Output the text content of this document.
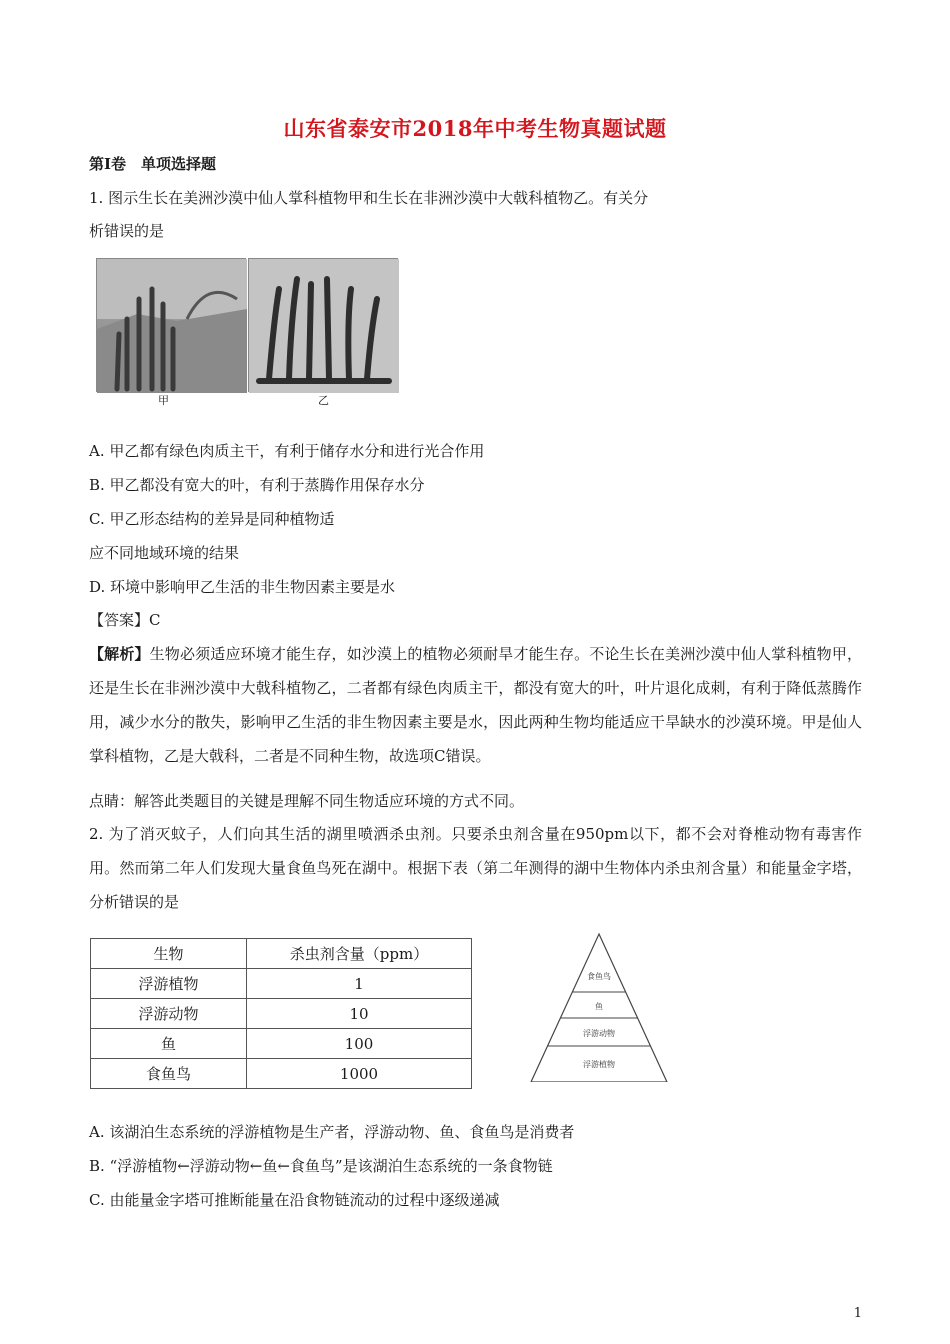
山东省泰安市2018年中考生物真题试题
第Ⅰ卷　单项选择题
1. 图示生长在美洲沙漠中仙人掌科植物甲和生长在非洲沙漠中大戟科植物乙。有关分
析错误的是
甲	乙
A. 甲乙都有绿色肉质主干，有利于储存水分和进行光合作用
B. 甲乙都没有宽大的叶，有利于蒸腾作用保存水分
C. 甲乙形态结构的差异是同种植物适
应不同地域环境的结果
D. 环境中影响甲乙生活的非生物因素主要是水
【答案】C
【解析】生物必须适应环境才能生存，如沙漠上的植物必须耐旱才能生存。不论生长在美洲沙漠中仙人掌科植物甲，还是生长在非洲沙漠中大戟科植物乙，二者都有绿色肉质主干，都没有宽大的叶，叶片退化成刺，有利于降低蒸腾作用，减少水分的散失，影响甲乙生活的非生物因素主要是水，因此两种生物均能适应干旱缺水的沙漠环境。甲是仙人掌科植物，乙是大戟科，二者是不同种生物，故选项C错误。
点睛：解答此类题目的关键是理解不同生物适应环境的方式不同。
2. 为了消灭蚊子，人们向其生活的湖里喷洒杀虫剂。只要杀虫剂含量在950pm以下，都不会对脊椎动物有毒害作用。然而第二年人们发现大量食鱼鸟死在湖中。根据下表（第二年测得的湖中生物体内杀虫剂含量）和能量金字塔，分析错误的是
生物	杀虫剂含量（ppm）
浮游植物	1
浮游动物	10
鱼	100
食鱼鸟	1000
食鱼鸟
鱼
浮游动物
浮游植物
A. 该湖泊生态系统的浮游植物是生产者，浮游动物、鱼、食鱼鸟是消费者
B. “浮游植物←浮游动物←鱼←食鱼鸟”是该湖泊生态系统的一条食物链
C. 由能量金字塔可推断能量在沿食物链流动的过程中逐级递减
1
